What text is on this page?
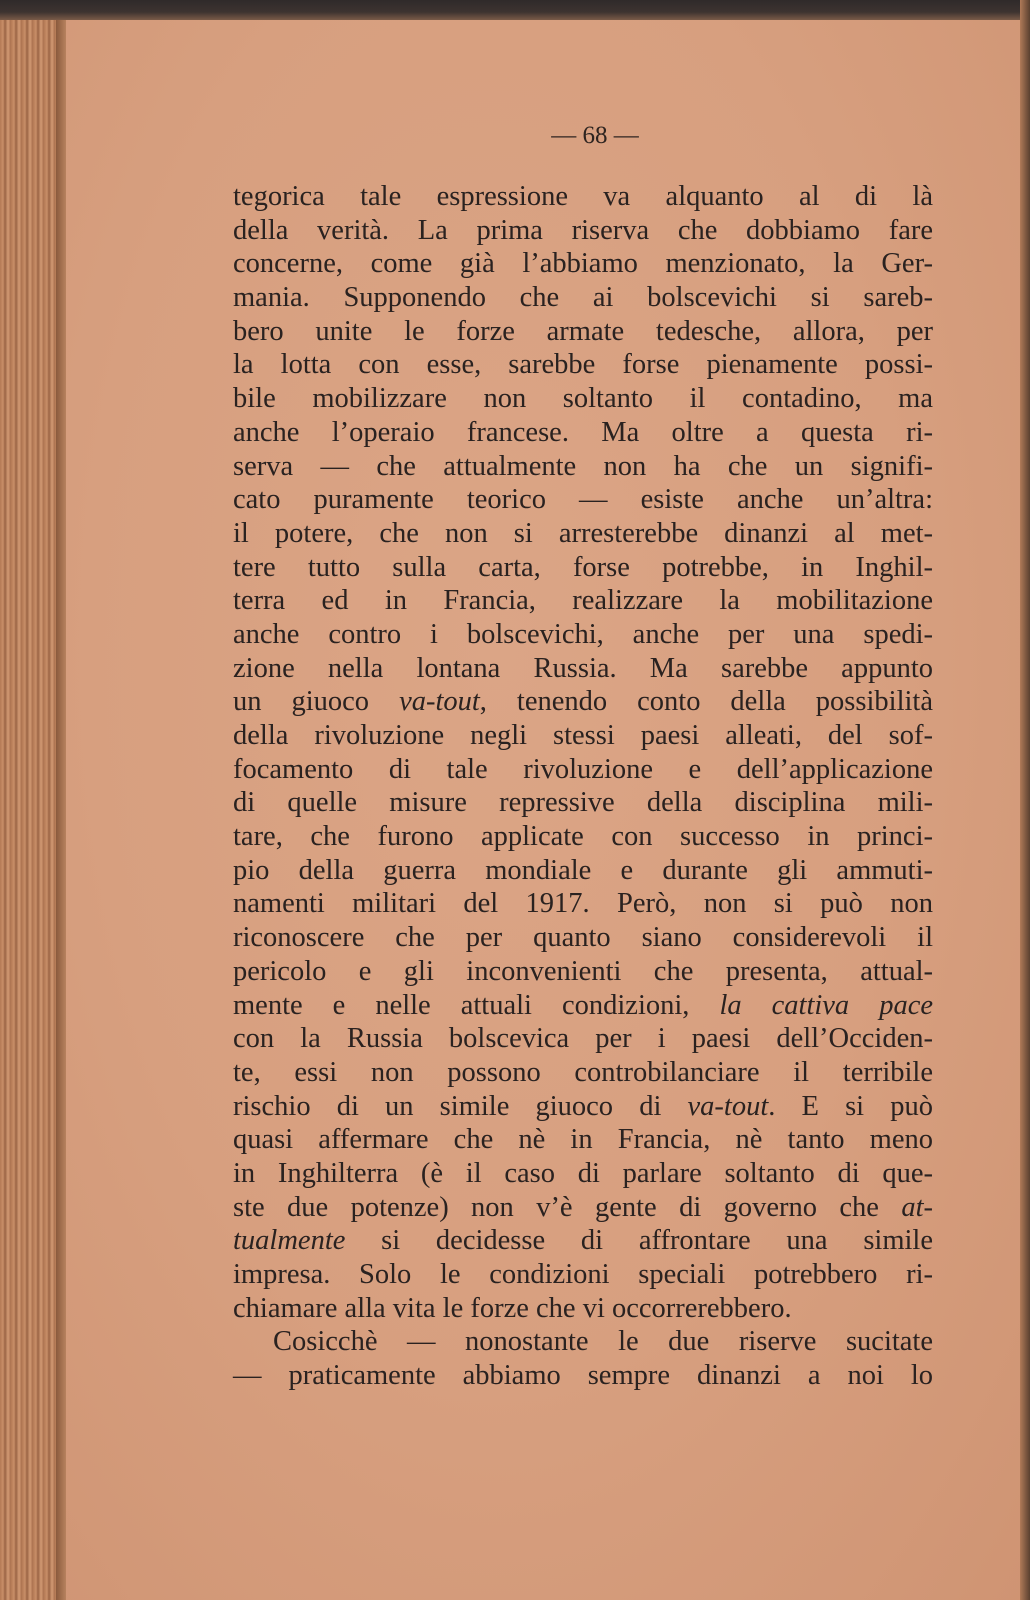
— 68 —
tegorica tale espressione va alquanto al di là
della verità. La prima riserva che dobbiamo fare
concerne, come già l’abbiamo menzionato, la Ger-
mania. Supponendo che ai bolscevichi si sareb-
bero unite le forze armate tedesche, allora, per
la lotta con esse, sarebbe forse pienamente possi-
bile mobilizzare non soltanto il contadino, ma
anche l’operaio francese. Ma oltre a questa ri-
serva — che attualmente non ha che un signifi-
cato puramente teorico — esiste anche un’altra:
il potere, che non si arresterebbe dinanzi al met-
tere tutto sulla carta, forse potrebbe, in Inghil-
terra ed in Francia, realizzare la mobilitazione
anche contro i bolscevichi, anche per una spedi-
zione nella lontana Russia. Ma sarebbe appunto
un giuoco va-tout, tenendo conto della possibilità
della rivoluzione negli stessi paesi alleati, del sof-
focamento di tale rivoluzione e dell’applicazione
di quelle misure repressive della disciplina mili-
tare, che furono applicate con successo in princi-
pio della guerra mondiale e durante gli ammuti-
namenti militari del 1917. Però, non si può non
riconoscere che per quanto siano considerevoli il
pericolo e gli inconvenienti che presenta, attual-
mente e nelle attuali condizioni, la cattiva pace
con la Russia bolscevica per i paesi dell’Occiden-
te, essi non possono controbilanciare il terribile
rischio di un simile giuoco di va-tout. E si può
quasi affermare che nè in Francia, nè tanto meno
in Inghilterra (è il caso di parlare soltanto di que-
ste due potenze) non v’è gente di governo che at-
tualmente si decidesse di affrontare una simile
impresa. Solo le condizioni speciali potrebbero ri-
chiamare alla vita le forze che vi occorrerebbero.
Cosicchè — nonostante le due riserve sucitate
— praticamente abbiamo sempre dinanzi a noi lo
